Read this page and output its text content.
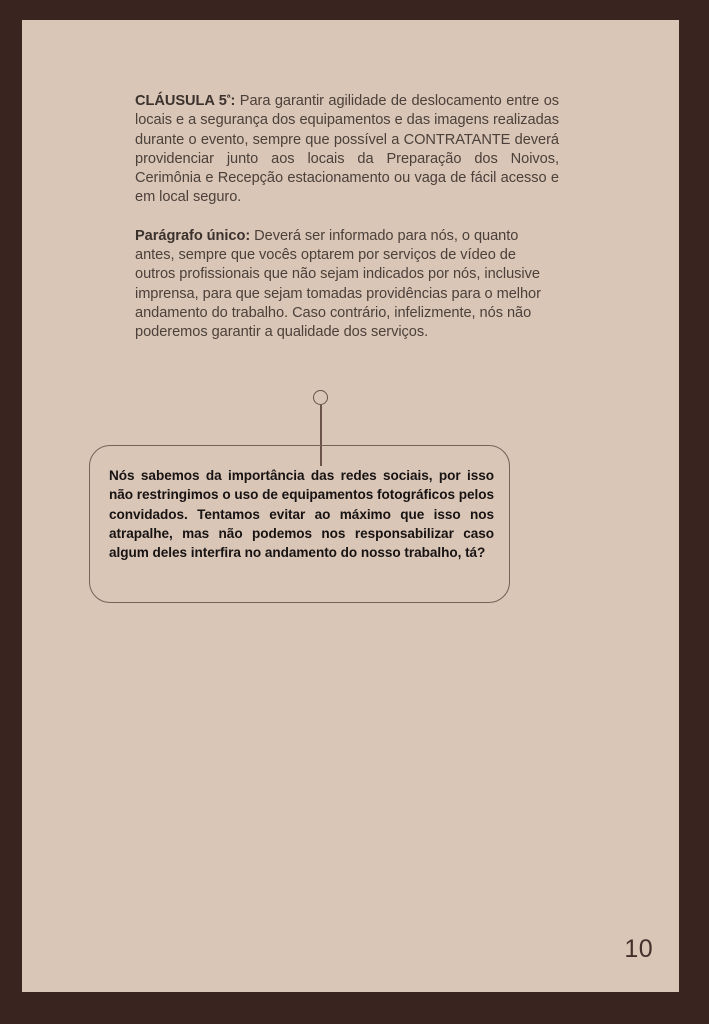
CLÁUSULA $5^ª$: Para garantir agilidade de deslocamento entre os locais e a segurança dos equipamentos e das imagens realizadas durante o evento, sempre que possível a CONTRATANTE deverá providenciar junto aos locais da Preparação dos Noivos, Cerimônia e Recepção estacionamento ou vaga de fácil acesso e em local seguro.

Parágrafo único: Deverá ser informado para nós, o quanto antes, sempre que vocês optarem por serviços de vídeo de outros profissionais que não sejam indicados por nós, inclusive imprensa, para que sejam tomadas providências para o melhor andamento do trabalho. Caso contrário, infelizmente, nós não poderemos garantir a qualidade dos serviços.

Nós sabemos da importância das redes sociais, por isso não restringimos o uso de equipamentos fotográficos pelos convidados. Tentamos evitar ao máximo que isso nos atrapalhe, mas não podemos nos responsabilizar caso algum deles interfira no andamento do nosso trabalho, tá?
10
